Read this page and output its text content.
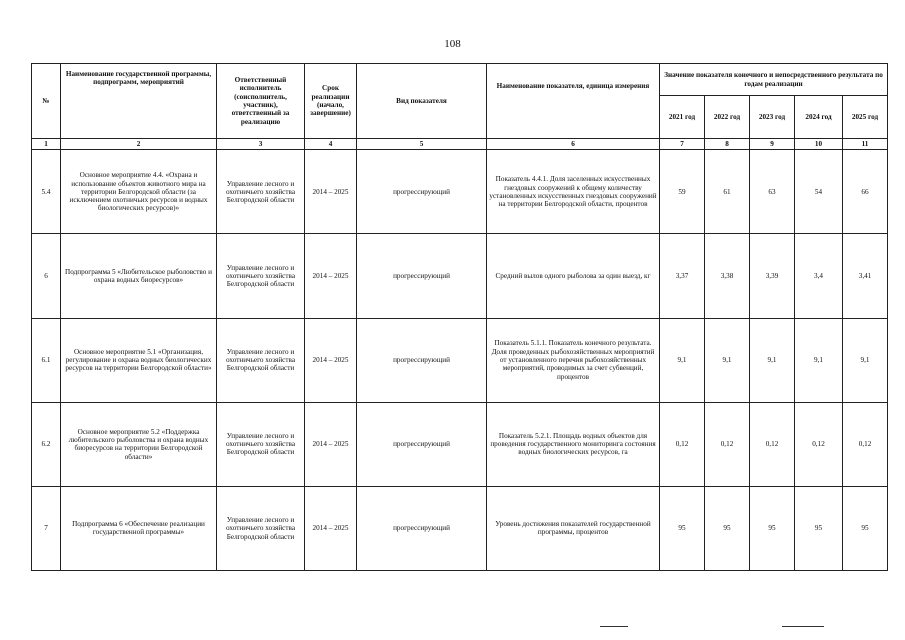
108
№	Наименование государственной программы, подпрограмм, мероприятий	Ответственный исполнитель (соисполнитель, участник), ответственный за реализацию	Срок реализации (начало, завершение)	Вид показателя	Наименование показателя, единица измерения	Значение показателя конечного и непосредственного результата по годам реализации				
						2021 год	2022 год	2023 год	2024 год	2025 год
1	2	3	4	5	6	7	8	9	10	11
5.4	Основное мероприятие 4.4. «Охрана и использование объектов животного мира на территории Белгородской области (за исключением охотничьих ресурсов и водных биологических ресурсов)»	Управление лесного и охотничьего хозяйства Белгородской области	2014 – 2025	прогрессирующий	Показатель 4.4.1. Доля заселенных искусственных гнездовых сооружений к общему количеству установленных искусственных гнездовых сооружений на территории Белгородской области, процентов	59	61	63	54	66
6	Подпрограмма 5 «Любительское рыболовство и охрана водных биоресурсов»	Управление лесного и охотничьего хозяйства Белгородской области	2014 – 2025	прогрессирующий	Средний вылов одного рыболова за один выезд, кг	3,37	3,38	3,39	3,4	3,41
6.1	Основное мероприятие 5.1 «Организация, регулирование и охрана водных биологических ресурсов на территории Белгородской области»	Управление лесного и охотничьего хозяйства Белгородской области	2014 – 2025	прогрессирующий	Показатель 5.1.1. Показатель конечного результата. Доля проведенных рыбохозяйственных мероприятий от установленного перечня рыбохозяйственных мероприятий, проводимых за счет субвенций, процентов	9,1	9,1	9,1	9,1	9,1
6.2	Основное мероприятие 5.2 «Поддержка любительского рыболовства и охрана водных биоресурсов на территории Белгородской области»	Управление лесного и охотничьего хозяйства Белгородской области	2014 – 2025	прогрессирующий	Показатель 5.2.1. Площадь водных объектов для проведения государственного мониторинга состояния водных биологических ресурсов, га	0,12	0,12	0,12	0,12	0,12
7	Подпрограмма 6 «Обеспечение реализации государственной программы»	Управление лесного и охотничьего хозяйства Белгородской области	2014 – 2025	прогрессирующий	Уровень достижения показателей государственной программы, процентов	95	95	95	95	95
